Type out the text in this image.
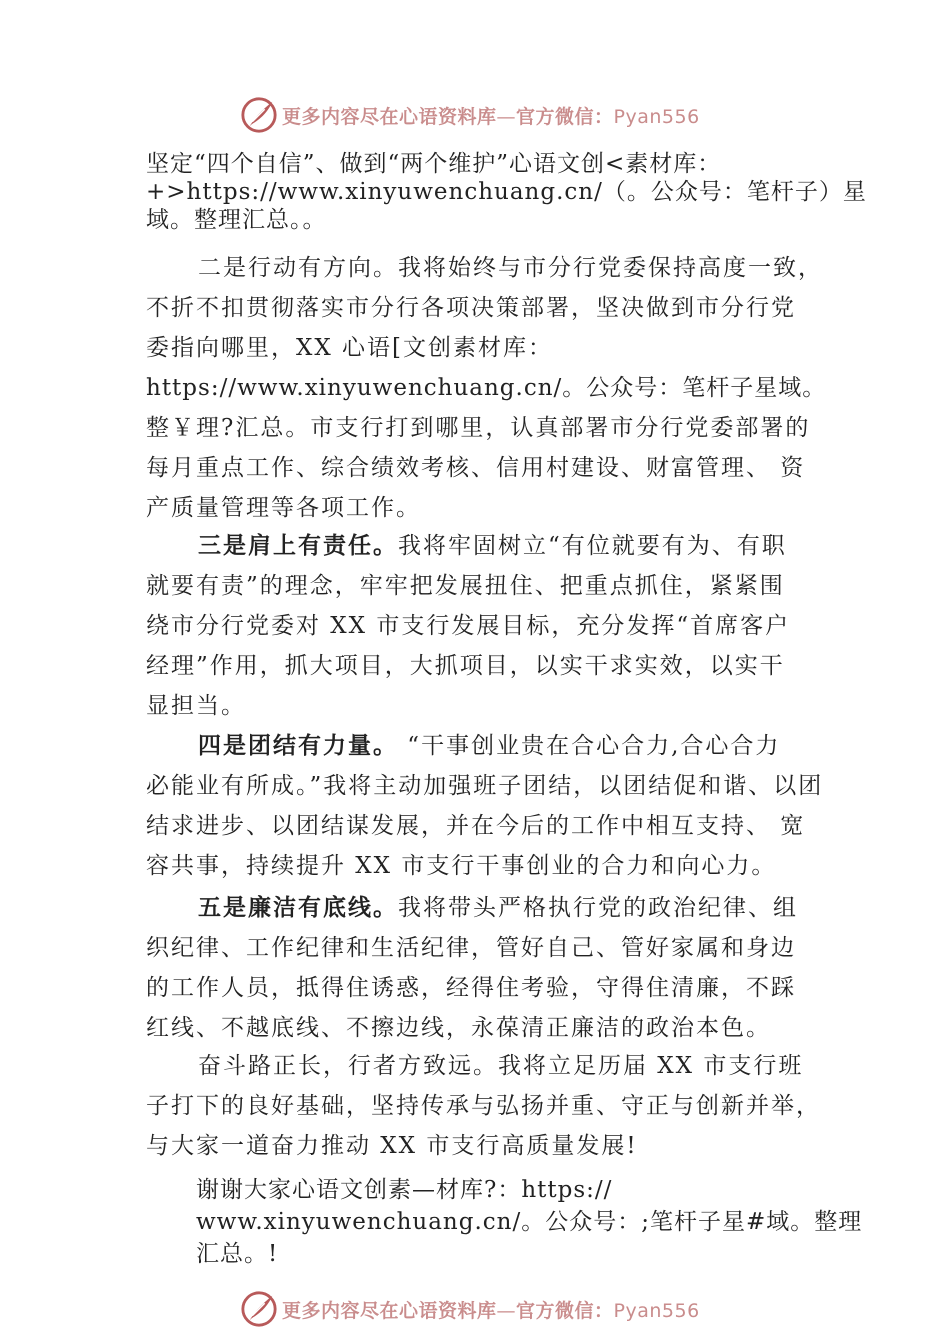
更多内容尽在心语资料库—官方微信：Pyan556
坚定“四个自信”、做到“两个维护”心语文创<素材库：
+>https://www.xinyuwenchuang.cn/（。公众号：笔杆子）星
域。整理汇总。。
二是行动有方向。我将始终与市分行党委保持高度一致，
不折不扣贯彻落实市分行各项决策部署，坚决做到市分行党
委指向哪里，XX 心语[文创素材库：
https://www.xinyuwenchuang.cn/。公众号：笔杆子星域。
整￥理?汇总。市支行打到哪里，认真部署市分行党委部署的
每月重点工作、综合绩效考核、信用村建设、财富管理、 资
产质量管理等各项工作。
三是肩上有责任。我将牢固树立“有位就要有为、有职
就要有责”的理念，牢牢把发展扭住、把重点抓住，紧紧围
绕市分行党委对 XX 市支行发展目标，充分发挥“首席客户
经理”作用，抓大项目，大抓项目，以实干求实效，以实干
显担当。
四是团结有力量。 “干事创业贵在合心合力,合心合力
必能业有所成。”我将主动加强班子团结，以团结促和谐、以团
结求进步、以团结谋发展，并在今后的工作中相互支持、 宽
容共事，持续提升 XX 市支行干事创业的合力和向心力。
五是廉洁有底线。我将带头严格执行党的政治纪律、组
织纪律、工作纪律和生活纪律，管好自己、管好家属和身边
的工作人员，抵得住诱惑，经得住考验，守得住清廉，不踩
红线、不越底线、不擦边线，永葆清正廉洁的政治本色。
奋斗路正长，行者方致远。我将立足历届 XX 市支行班
子打下的良好基础，坚持传承与弘扬并重、守正与创新并举，
与大家一道奋力推动 XX 市支行高质量发展!
谢谢大家心语文创素—材库?：https://
www.xinyuwenchuang.cn/。公众号：;笔杆子星#域。整理
汇总。!
更多内容尽在心语资料库—官方微信：Pyan556
